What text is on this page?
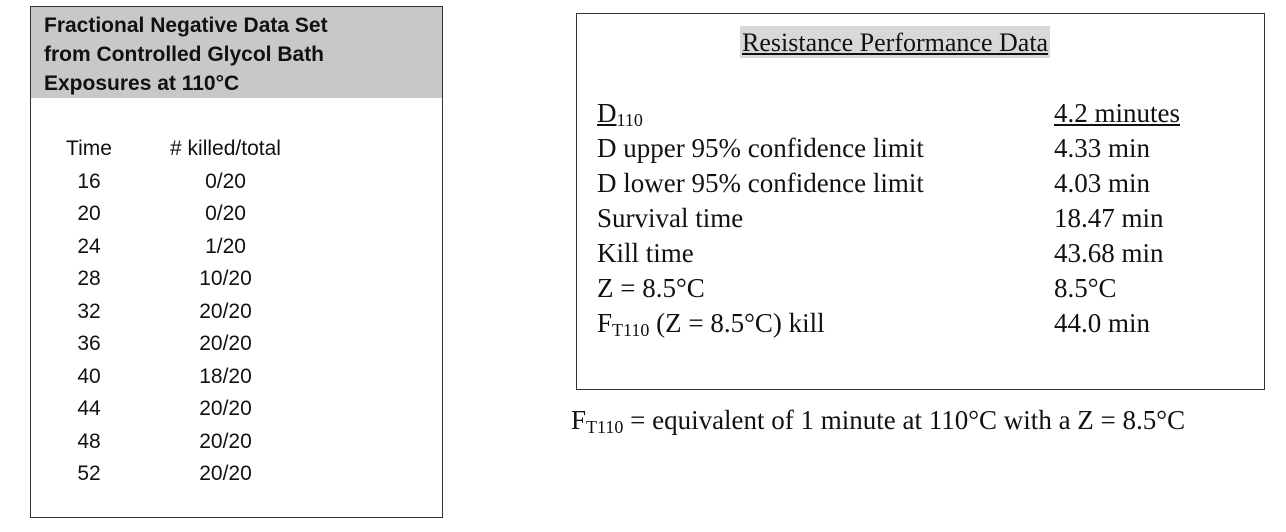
Fractional Negative Data Set
from Controlled Glycol Bath
Exposures at 110°C
Time	# killed/total
16	0/20
20	0/20
24	1/20
28	10/20
32	20/20
36	20/20
40	18/20
44	20/20
48	20/20
52	20/20
Resistance Performance Data
$D_{110}$	4.2 minutes
D upper 95% confidence limit	4.33 min
D lower 95% confidence limit	4.03 min
Survival time	18.47 min
Kill time	43.68 min
Z = 8.5°C	8.5°C
$F_{T110}$ (Z = 8.5°C) kill	44.0 min
$F_{T110}$ = equivalent of 1 minute at 110°C with a Z = 8.5°C
